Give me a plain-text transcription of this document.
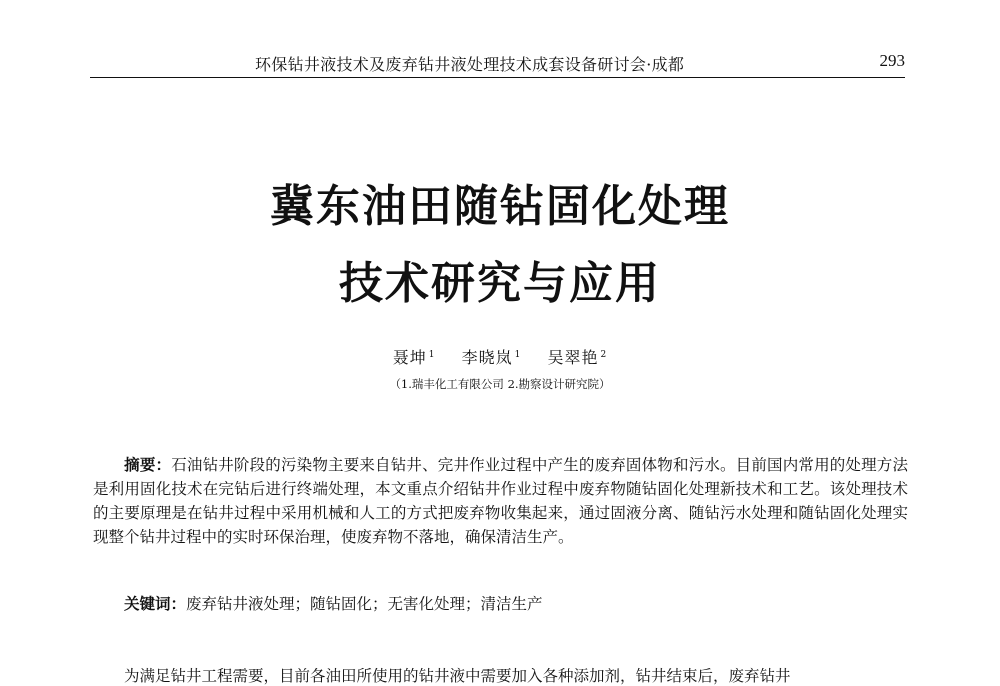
环保钻井液技术及废弃钻井液处理技术成套设备研讨会·成都	293
冀东油田随钻固化处理
技术研究与应用
聂坤 $^1$ 李晓岚 $^1$ 吴翠艳 $^2$
（1.瑞丰化工有限公司 2.勘察设计研究院）

摘要：石油钻井阶段的污染物主要来自钻井、完井作业过程中产生的废弃固体物和污水。目前国内常用的处理方法是利用固化技术在完钻后进行终端处理，本文重点介绍钻井作业过程中废弃物随钻固化处理新技术和工艺。该处理技术的主要原理是在钻井过程中采用机械和人工的方式把废弃物收集起来，通过固液分离、随钻污水处理和随钻固化处理实现整个钻井过程中的实时环保治理，使废弃物不落地，确保清洁生产。

关键词：废弃钻井液处理；随钻固化；无害化处理；清洁生产
为满足钻井工程需要，目前各油田所使用的钻井液中需要加入各种添加剂，钻井结束后，废弃钻井
